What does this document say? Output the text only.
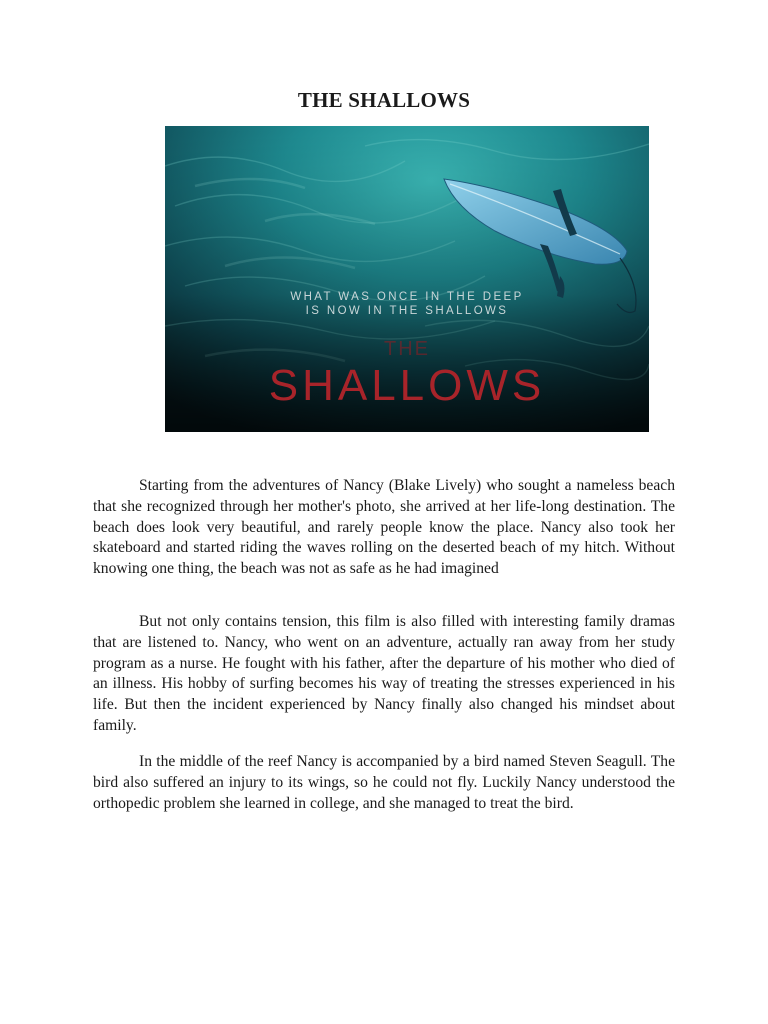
THE SHALLOWS
WHAT WAS ONCE IN THE DEEP
IS NOW IN THE SHALLOWS
THE
SHALLOWS

Starting from the adventures of Nancy (Blake Lively) who sought a nameless beach that she recognized through her mother's photo, she arrived at her life-long destination. The beach does look very beautiful, and rarely people know the place. Nancy also took her skateboard and started riding the waves rolling on the deserted beach of my hitch. Without knowing one thing, the beach was not as safe as he had imagined

But not only contains tension, this film is also filled with interesting family dramas that are listened to. Nancy, who went on an adventure, actually ran away from her study program as a nurse. He fought with his father, after the departure of his mother who died of an illness. His hobby of surfing becomes his way of treating the stresses experienced in his life. But then the incident experienced by Nancy finally also changed his mindset about family.

In the middle of the reef Nancy is accompanied by a bird named Steven Seagull. The bird also suffered an injury to its wings, so he could not fly. Luckily Nancy understood the orthopedic problem she learned in college, and she managed to treat the bird.
